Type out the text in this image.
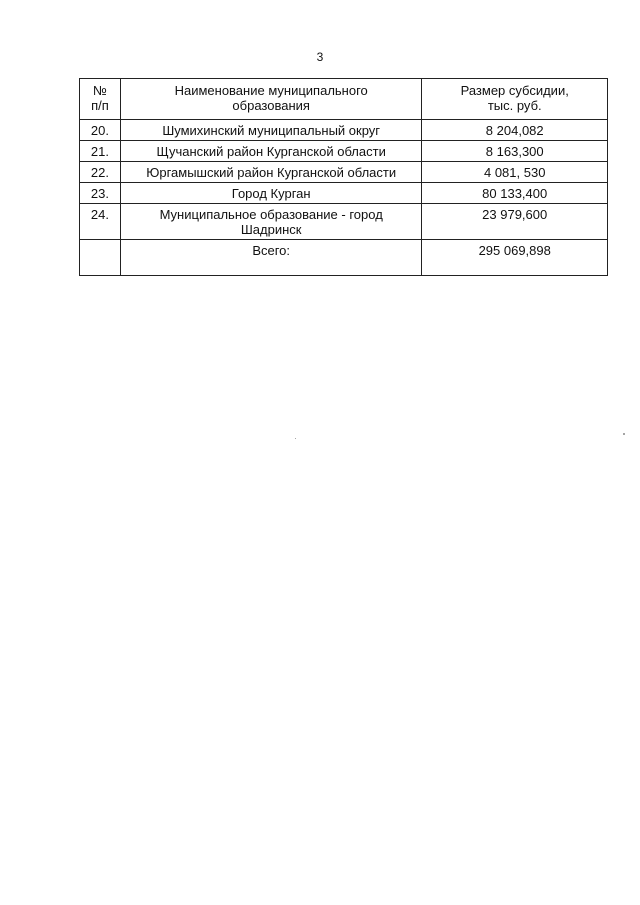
3
№ п/п	Наименование муниципального образования	Размер субсидии, тыс. руб.
20.	Шумихинский муниципальный округ	8 204,082
21.	Щучанский район Курганской области	8 163,300
22.	Юргамышский район Курганской области	4 081, 530
23.	Город Курган	80 133,400
24.	Муниципальное образование - город Шадринск	23 979,600
	Всего:	295 069,898
